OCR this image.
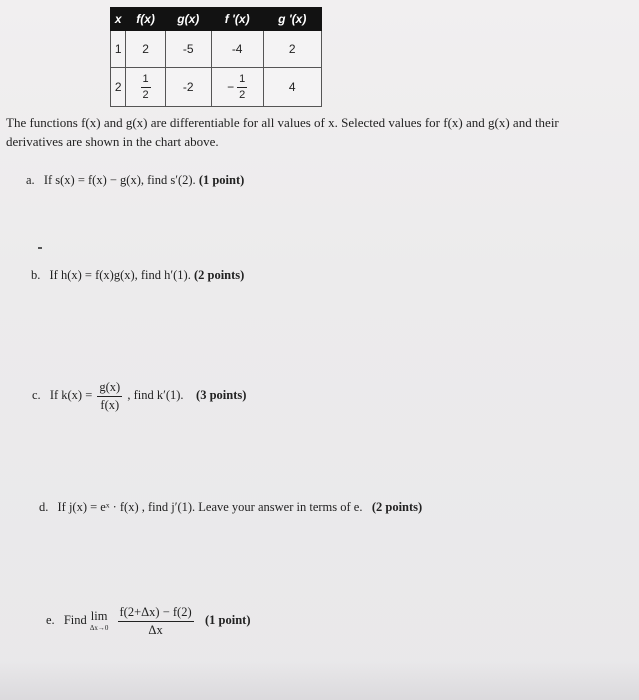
x	f(x)	g(x)	f '(x)	g '(x)
1	2	-5	-4	2
2	$\frac{1}{2}$	-2	− $\frac{1}{2}$	4
The functions f(x) and g(x) are differentiable for all values of x. Selected values for f(x) and g(x) and their derivatives are shown in the chart above.
a. If s(x) = f(x) − g(x), find s′(2). (1 point)
b. If h(x) = f(x)g(x), find h′(1). (2 points)
c. If $k(x) = \frac{g(x)}{f(x)}$ , find k′(1). (3 points)
d. If j(x) = eˣ · f(x) , find j′(1). Leave your answer in terms of e. (2 points)
e. Find lim
Δx→0
$\frac{f(2+\Delta x) - f(2)}{\Delta x} (1$ point)
